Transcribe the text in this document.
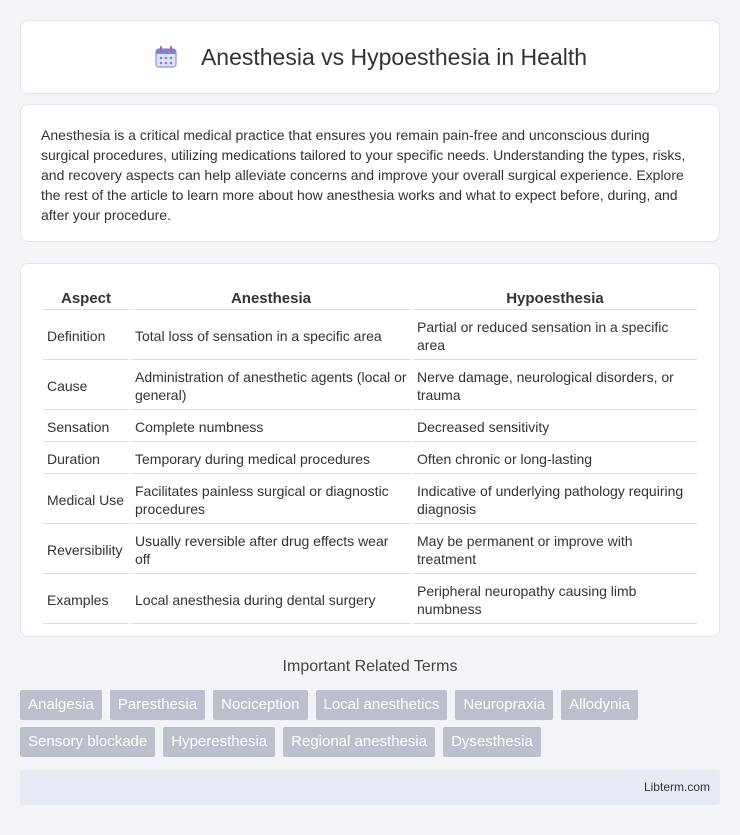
Anesthesia vs Hypoesthesia in Health

Anesthesia is a critical medical practice that ensures you remain pain-free and unconscious during surgical procedures, utilizing medications tailored to your specific needs. Understanding the types, risks, and recovery aspects can help alleviate concerns and improve your overall surgical experience. Explore the rest of the article to learn more about how anesthesia works and what to expect before, during, and after your procedure.

Aspect	Anesthesia	Hypoesthesia
Definition	Total loss of sensation in a specific area	Partial or reduced sensation in a specific area
Cause	Administration of anesthetic agents (local or general)	Nerve damage, neurological disorders, or trauma
Sensation	Complete numbness	Decreased sensitivity
Duration	Temporary during medical procedures	Often chronic or long-lasting
Medical Use	Facilitates painless surgical or diagnostic procedures	Indicative of underlying pathology requiring diagnosis
Reversibility	Usually reversible after drug effects wear off	May be permanent or improve with treatment
Examples	Local anesthesia during dental surgery	Peripheral neuropathy causing limb numbness
Important Related Terms
Analgesia	Paresthesia	Nociception	Local anesthetics	Neuropraxia	Allodynia
Sensory blockade	Hyperesthesia	Regional anesthesia	Dysesthesia
Libterm.com
